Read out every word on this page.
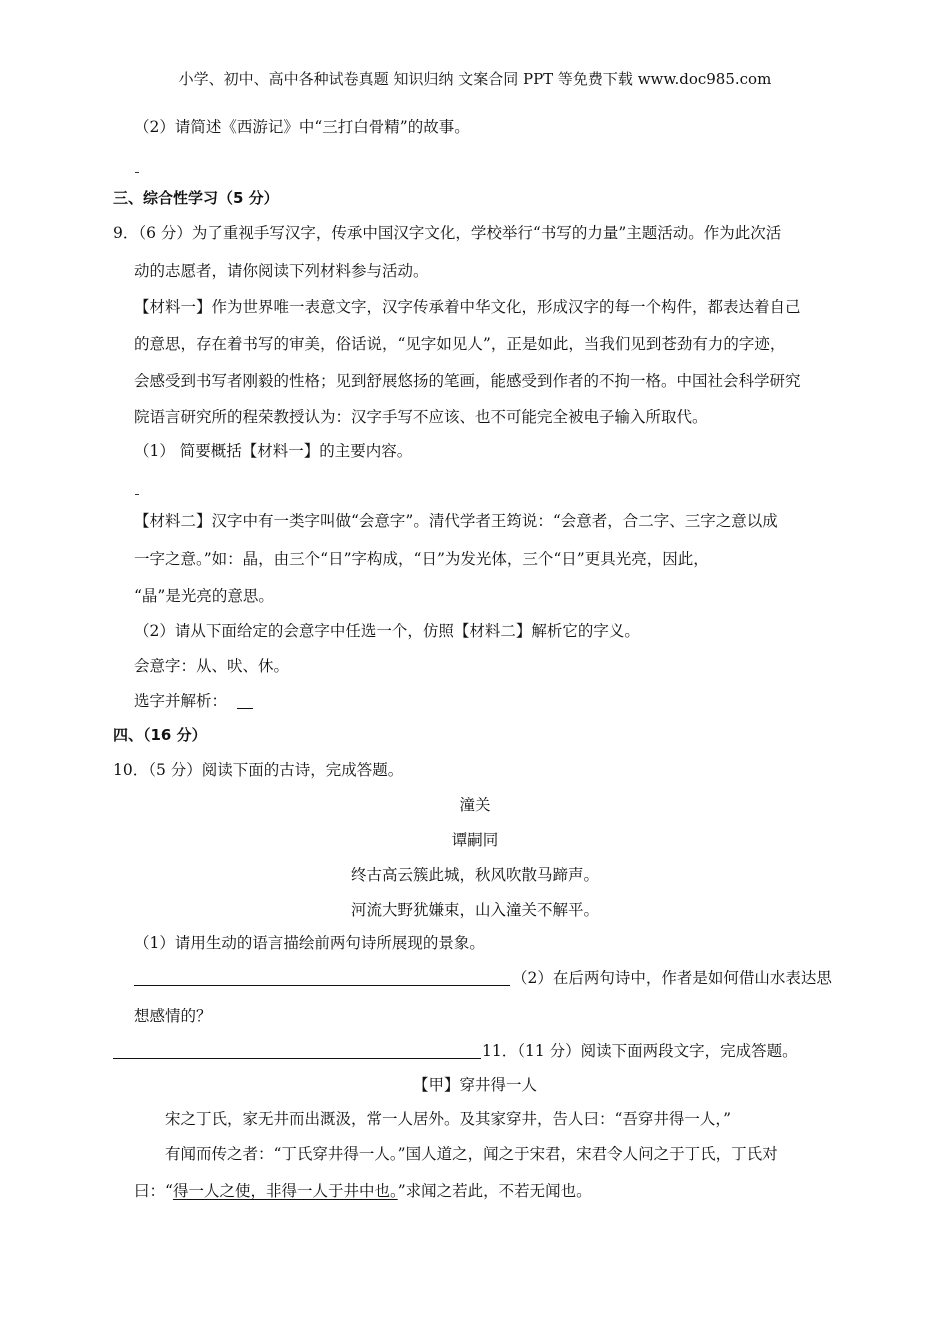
小学、初中、高中各种试卷真题 知识归纳 文案合同 PPT 等免费下载 www.doc985.com
（2）请简述《西游记》中“三打白骨精”的故事。
三、综合性学习（5 分）
9．（6 分）为了重视手写汉字，传承中国汉字文化，学校举行“书写的力量”主题活动。作为此次活
动的志愿者，请你阅读下列材料参与活动。
【材料一】作为世界唯一表意文字，汉字传承着中华文化，形成汉字的每一个构件，都表达着自己
的意思，存在着书写的审美，俗话说，“见字如见人”，正是如此，当我们见到苍劲有力的字迹，
会感受到书写者刚毅的性格；见到舒展悠扬的笔画，能感受到作者的不拘一格。中国社会科学研究
院语言研究所的程荣教授认为：汉字手写不应该、也不可能完全被电子输入所取代。
（1） 简要概括【材料一】的主要内容。
【材料二】汉字中有一类字叫做“会意字”。清代学者王筠说：“会意者，合二字、三字之意以成
一字之意。”如：晶，由三个“日”字构成，“日”为发光体，三个“日”更具光亮，因此，
“晶”是光亮的意思。
（2）请从下面给定的会意字中任选一个，仿照【材料二】解析它的字义。
会意字：从、吠、休。
选字并解析：
四、（16 分）
10．（5 分）阅读下面的古诗，完成答题。
潼关
谭嗣同
终古高云簇此城，秋风吹散马蹄声。
河流大野犹嫌束，山入潼关不解平。
（1）请用生动的语言描绘前两句诗所展现的景象。
（2）在后两句诗中，作者是如何借山水表达思
想感情的？
11．（11 分）阅读下面两段文字，完成答题。
【甲】穿井得一人
宋之丁氏，家无井而出溉汲，常一人居外。及其家穿井，告人曰：“吾穿井得一人，”
有闻而传之者：“丁氏穿井得一人。”国人道之，闻之于宋君，宋君令人问之于丁氏，丁氏对
曰：“得一人之使，非得一人于井中也。”求闻之若此，不若无闻也。
